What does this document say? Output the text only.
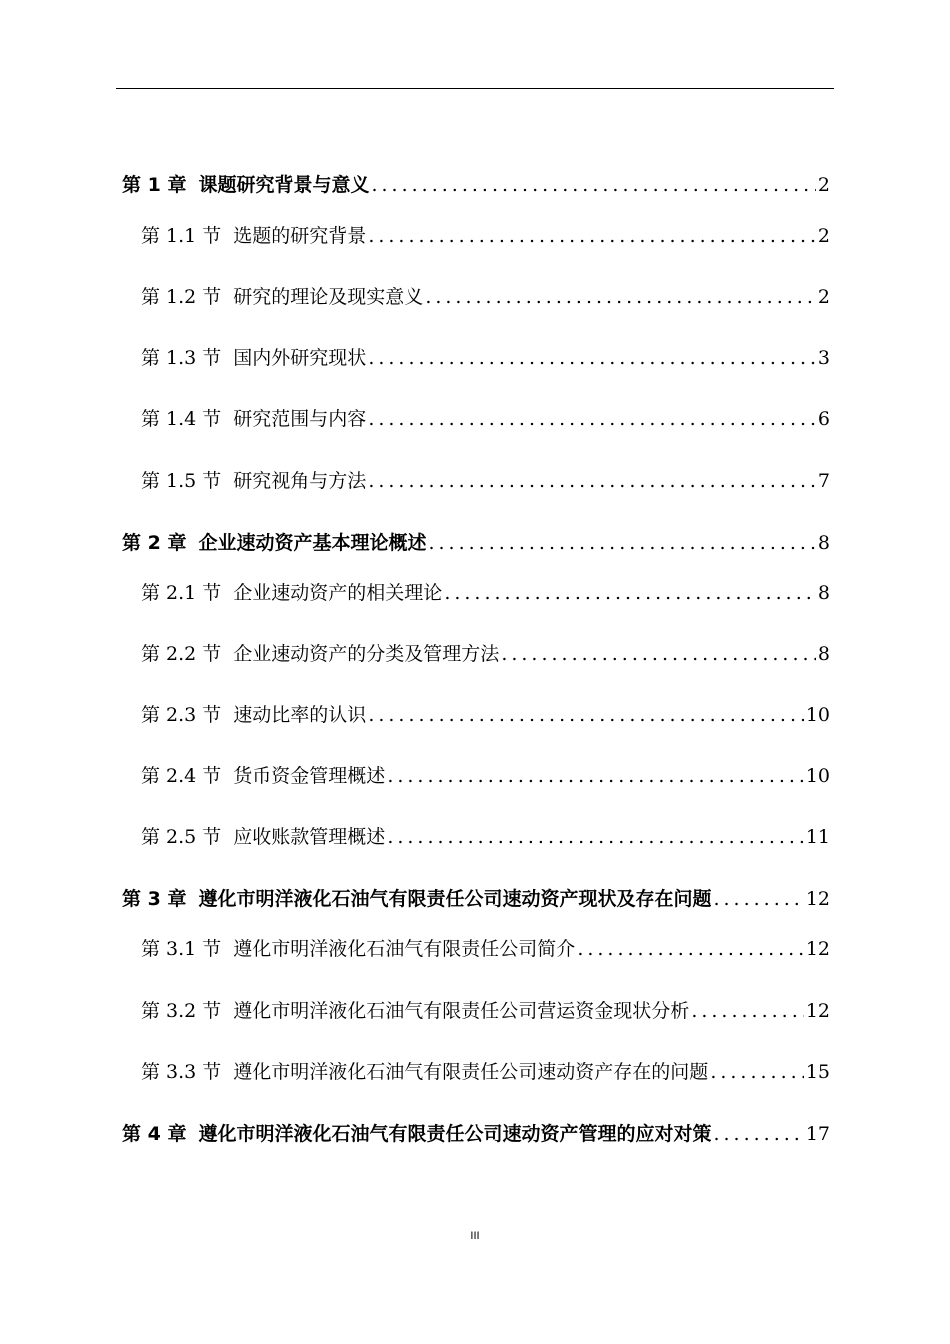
第 1 章 课题研究背景与意义 .....	2
第 1.1 节 选题的研究背景 .....	2
第 1.2 节 研究的理论及现实意义 .....	2
第 1.3 节 国内外研究现状 .....	3
第 1.4 节 研究范围与内容 .....	6
第 1.5 节 研究视角与方法 .....	7
第 2 章 企业速动资产基本理论概述 .....	8
第 2.1 节 企业速动资产的相关理论 .....	8
第 2.2 节 企业速动资产的分类及管理方法 .....	8
第 2.3 节 速动比率的认识 .....	10
第 2.4 节 货币资金管理概述 .....	10
第 2.5 节 应收账款管理概述 .....	11
第 3 章 遵化市明洋液化石油气有限责任公司速动资产现状及存在问题 .....	12
第 3.1 节 遵化市明洋液化石油气有限责任公司简介 .....	12
第 3.2 节 遵化市明洋液化石油气有限责任公司营运资金现状分析 .....	12
第 3.3 节 遵化市明洋液化石油气有限责任公司速动资产存在的问题 .....	15
第 4 章 遵化市明洋液化石油气有限责任公司速动资产管理的应对对策 .....	17
III
